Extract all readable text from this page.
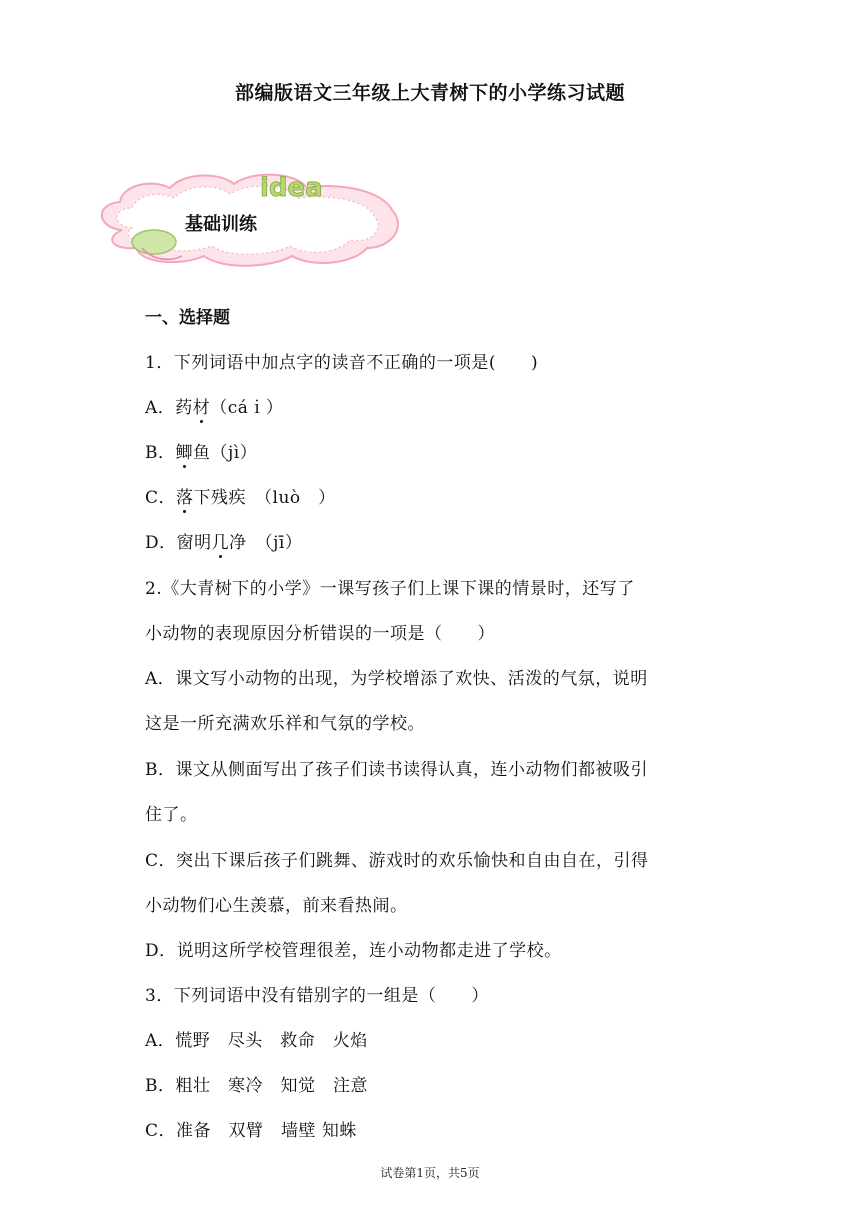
部编版语文三年级上大青树下的小学练习试题
idea
基础训练
一、选择题
1．下列词语中加点字的读音不正确的一项是(　　)
A．药材（cáｉ）
B．鲫鱼（jì）
C．落下残疾　（luò　）
D．窗明几净　（jī）
2.《大青树下的小学》一课写孩子们上课下课的情景时，还写了
小动物的表现原因分析错误的一项是（　　）
A．课文写小动物的出现，为学校增添了欢快、活泼的气氛，说明
这是一所充满欢乐祥和气氛的学校。
B．课文从侧面写出了孩子们读书读得认真，连小动物们都被吸引
住了。
C．突出下课后孩子们跳舞、游戏时的欢乐愉快和自由自在，引得
小动物们心生羡慕，前来看热闹。
D．说明这所学校管理很差，连小动物都走进了学校。
3．下列词语中没有错别字的一组是（　　）
A．慌野　尽头　救命　火焰
B．粗壮　寒冷　知觉　注意
C．准备　双臂　墙壁 知蛛
试卷第1页，共5页
